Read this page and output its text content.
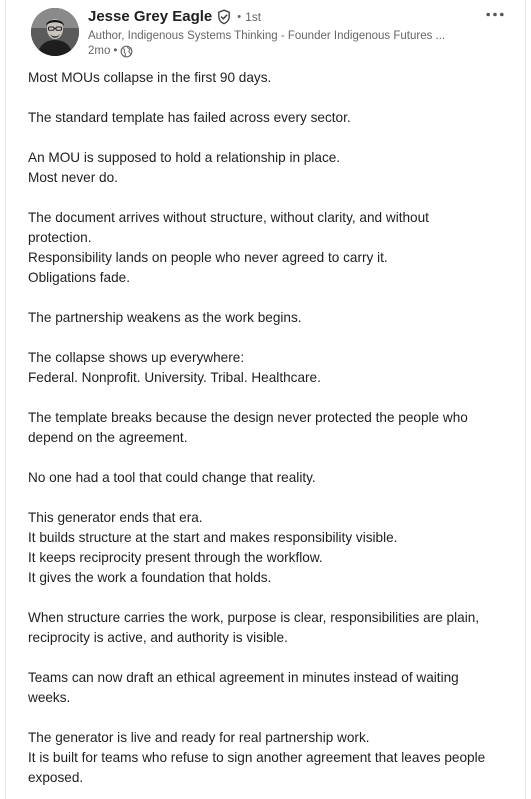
Jesse Grey Eagle • 1st
Author, Indigenous Systems Thinking - Founder Indigenous Futures ...
2mo •
Most MOUs collapse in the first 90 days.
The standard template has failed across every sector.
An MOU is supposed to hold a relationship in place.
Most never do.
The document arrives without structure, without clarity, and without
protection.
Responsibility lands on people who never agreed to carry it.
Obligations fade.
The partnership weakens as the work begins.
The collapse shows up everywhere:
Federal. Nonprofit. University. Tribal. Healthcare.
The template breaks because the design never protected the people who
depend on the agreement.
No one had a tool that could change that reality.
This generator ends that era.
It builds structure at the start and makes responsibility visible.
It keeps reciprocity present through the workflow.
It gives the work a foundation that holds.
When structure carries the work, purpose is clear, responsibilities are plain,
reciprocity is active, and authority is visible.
Teams can now draft an ethical agreement in minutes instead of waiting
weeks.
The generator is live and ready for real partnership work.
It is built for teams who refuse to sign another agreement that leaves people
exposed.
